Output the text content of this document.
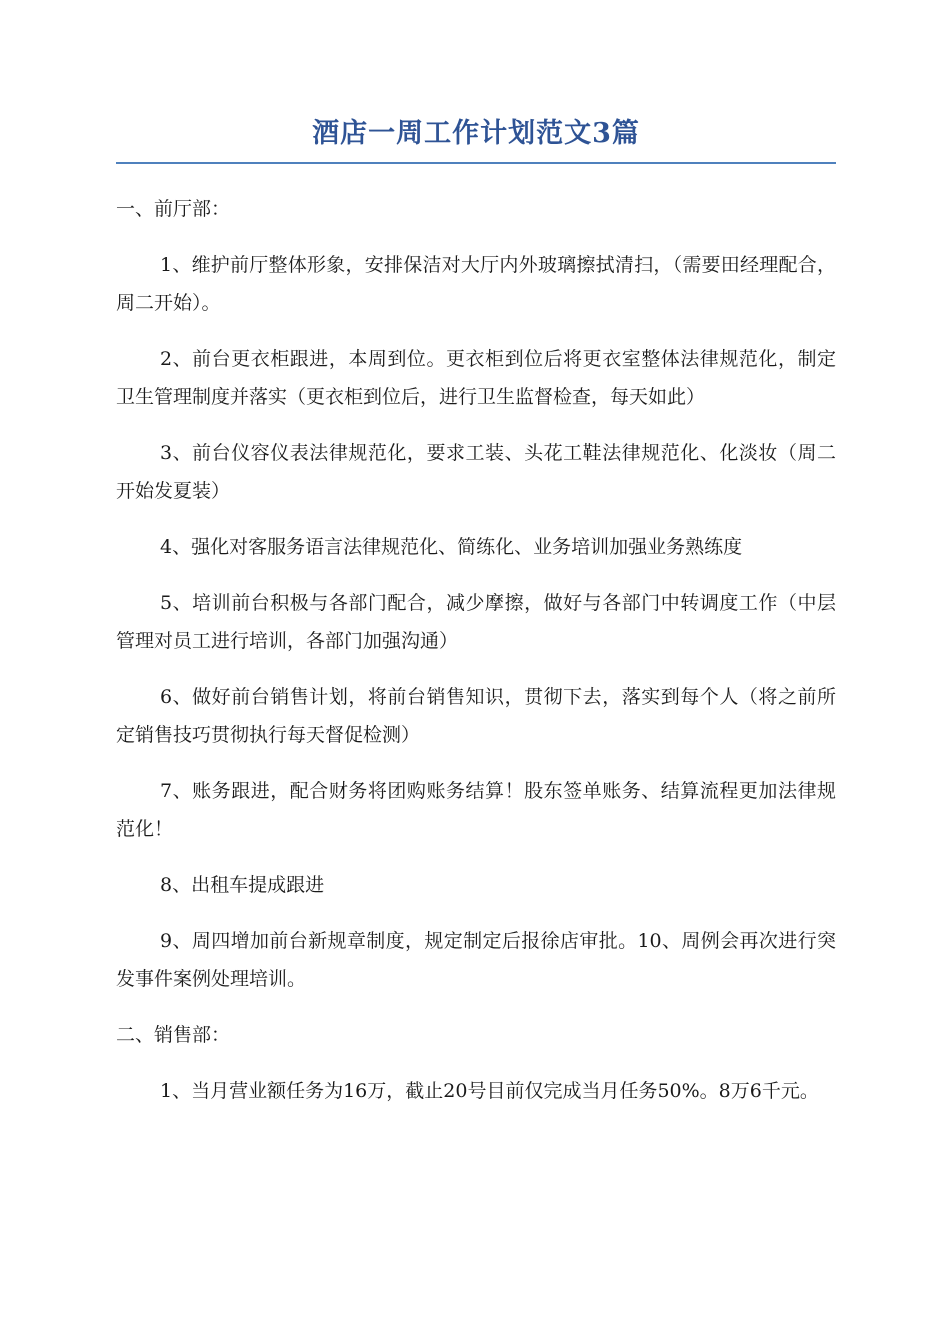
酒店一周工作计划范文3篇

一、前厅部：

1、维护前厅整体形象，安排保洁对大厅内外玻璃擦拭清扫，（需要田经理配合，周二开始）。

2、前台更衣柜跟进，本周到位。更衣柜到位后将更衣室整体法律规范化，制定卫生管理制度并落实（更衣柜到位后，进行卫生监督检查，每天如此）

3、前台仪容仪表法律规范化，要求工装、头花工鞋法律规范化、化淡妆（周二开始发夏装）

4、强化对客服务语言法律规范化、简练化、业务培训加强业务熟练度

5、培训前台积极与各部门配合，减少摩擦，做好与各部门中转调度工作（中层管理对员工进行培训，各部门加强沟通）

6、做好前台销售计划，将前台销售知识，贯彻下去，落实到每个人（将之前所定销售技巧贯彻执行每天督促检测）

7、账务跟进，配合财务将团购账务结算！股东签单账务、结算流程更加法律规范化！

8、出租车提成跟进

9、周四增加前台新规章制度，规定制定后报徐店审批。10、周例会再次进行突发事件案例处理培训。

二、销售部：

1、当月营业额任务为16万，截止20号目前仅完成当月任务50%。8万6千元。
